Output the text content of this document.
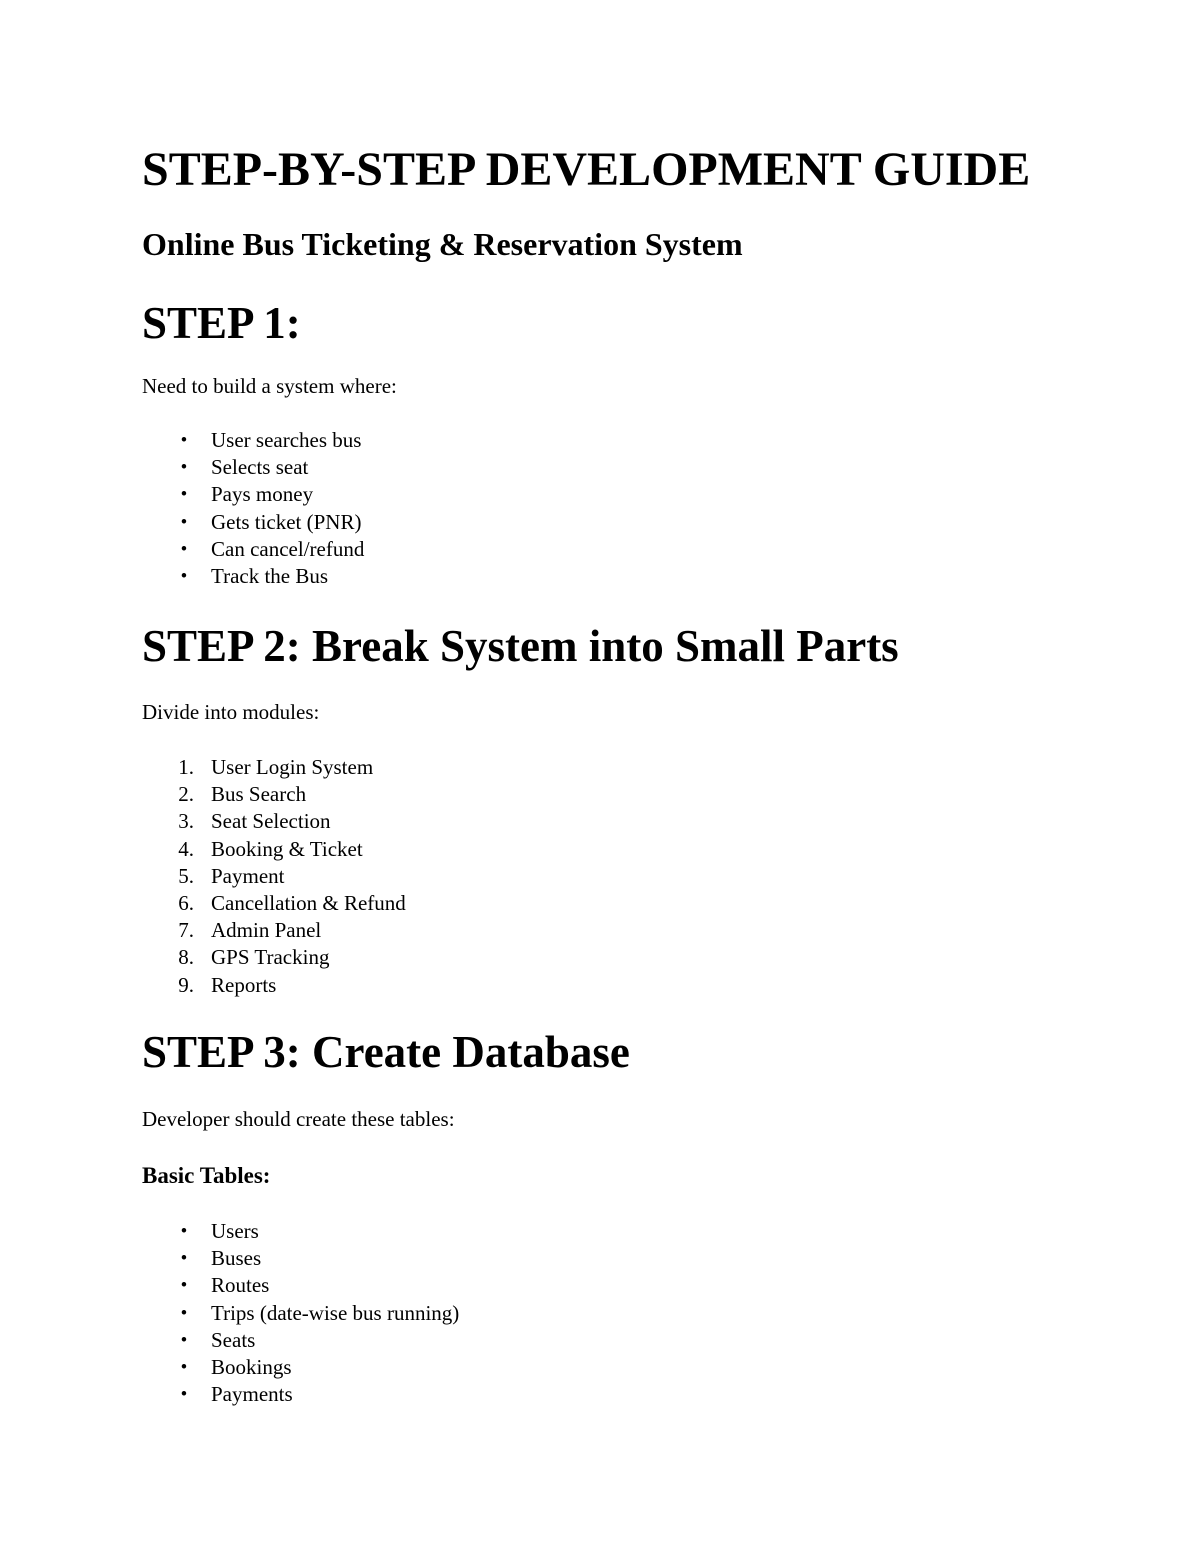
STEP-BY-STEP DEVELOPMENT GUIDE
Online Bus Ticketing & Reservation System
STEP 1:

Need to build a system where:

•	User searches bus
•	Selects seat
•	Pays money
•	Gets ticket (PNR)
•	Can cancel/refund
•	Track the Bus
STEP 2: Break System into Small Parts

Divide into modules:

1. User Login System
2. Bus Search
3. Seat Selection
4. Booking & Ticket
5. Payment
6. Cancellation & Refund
7. Admin Panel
8. GPS Tracking
9. Reports
STEP 3: Create Database

Developer should create these tables:

Basic Tables:
•	Users
•	Buses
•	Routes
•	Trips (date-wise bus running)
•	Seats
•	Bookings
•	Payments
